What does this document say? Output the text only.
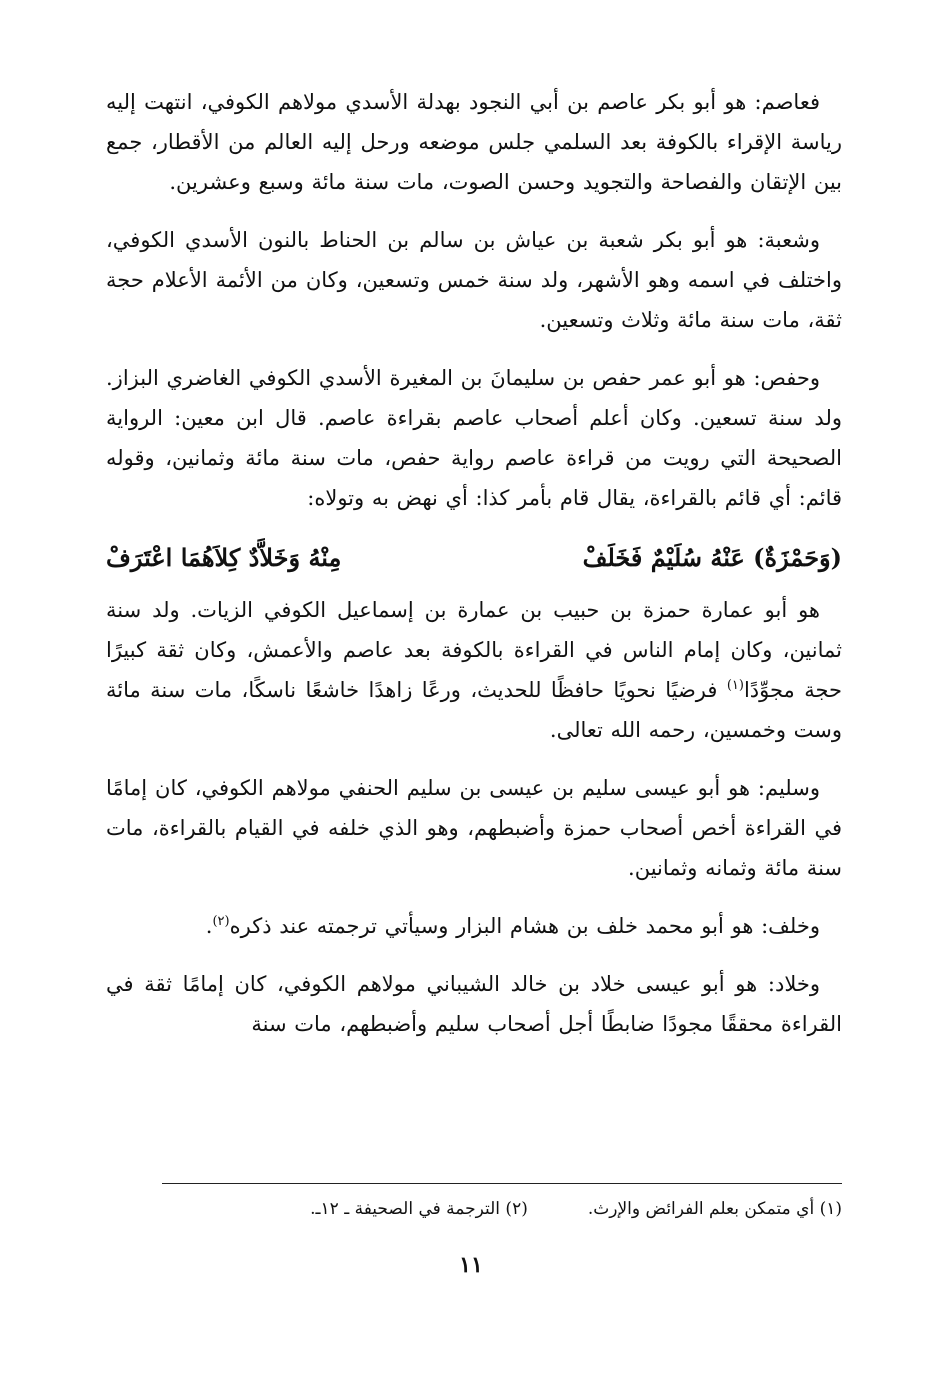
فعاصم: هو أبو بكر عاصم بن أبي النجود بهدلة الأسدي مولاهم الكوفي، انتهت إليه رياسة الإقراء بالكوفة بعد السلمي جلس موضعه ورحل إليه العالم من الأقطار، جمع بين الإتقان والفصاحة والتجويد وحسن الصوت، مات سنة مائة وسبع وعشرين.

وشعبة: هو أبو بكر شعبة بن عياش بن سالم بن الحناط بالنون الأسدي الكوفي، واختلف في اسمه وهو الأشهر، ولد سنة خمس وتسعين، وكان من الأئمة الأعلام حجة ثقة، مات سنة مائة وثلاث وتسعين.

وحفص: هو أبو عمر حفص بن سليمانَ بن المغيرة الأسدي الكوفي الغاضري البزاز. ولد سنة تسعين. وكان أعلم أصحاب عاصم بقراءة عاصم. قال ابن معين: الرواية الصحيحة التي رويت من قراءة عاصم رواية حفص، مات سنة مائة وثمانين، وقوله قائم: أي قائم بالقراءة، يقال قام بأمر كذا: أي نهض به وتولاه:

(وَحَمْزَةٌ) عَنْهُ سُلَيْمٌ فَخَلَفْ
مِنْهُ وَخَلاَّدٌ كِلاَهُمَا اعْتَرَفْ

هو أبو عمارة حمزة بن حبيب بن عمارة بن إسماعيل الكوفي الزيات. ولد سنة ثمانين، وكان إمام الناس في القراءة بالكوفة بعد عاصم والأعمش، وكان ثقة كبيرًا حجة مجوِّدًا$^{(١)}$ فرضيًا نحويًا حافظًا للحديث، ورعًا زاهدًا خاشعًا ناسكًا، مات سنة مائة وست وخمسين، رحمه الله تعالى.

وسليم: هو أبو عيسى سليم بن عيسى بن سليم الحنفي مولاهم الكوفي، كان إمامًا في القراءة أخص أصحاب حمزة وأضبطهم، وهو الذي خلفه في القيام بالقراءة، مات سنة مائة وثمانه وثمانين.

وخلف: هو أبو محمد خلف بن هشام البزار وسيأتي ترجمته عند ذكره$^{(٢)}$.

وخلاد: هو أبو عيسى خلاد بن خالد الشيباني مولاهم الكوفي، كان إمامًا ثقة في القراءة محققًا مجودًا ضابطًا أجل أصحاب سليم وأضبطهم، مات سنة

(١) أي متمكن بعلم الفرائض والإرث.
(٢) الترجمة في الصحيفة ـ ١٢ـ.
١١
